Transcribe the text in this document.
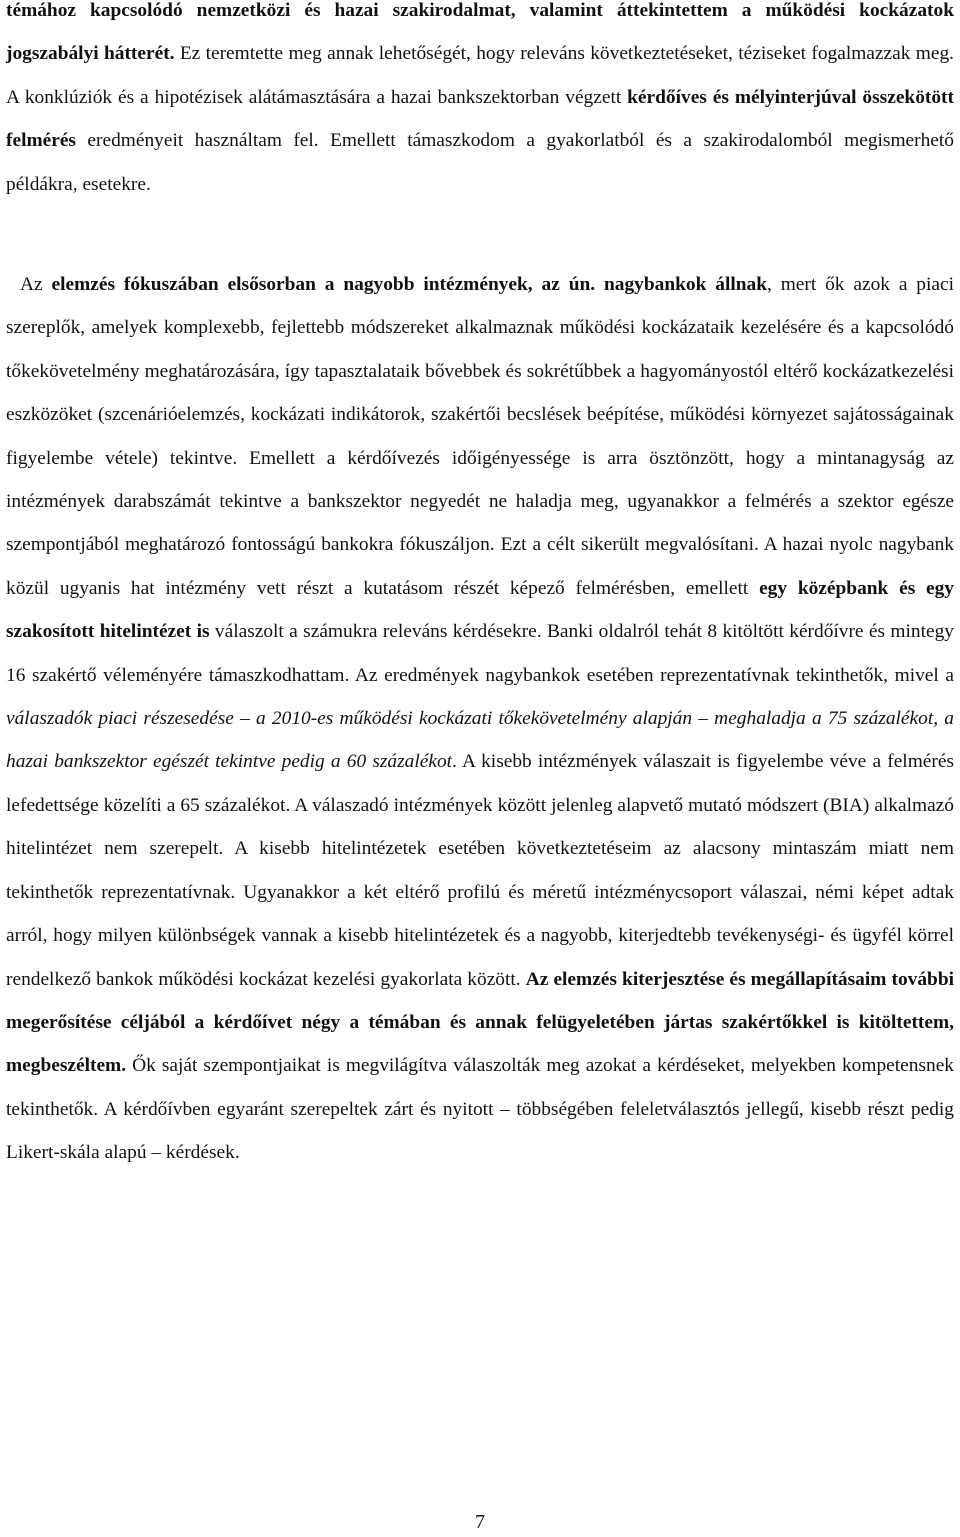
témához kapcsolódó nemzetközi és hazai szakirodalmat, valamint áttekintettem a működési kockázatok jogszabályi hátterét. Ez teremtette meg annak lehetőségét, hogy releváns következtetéseket, téziseket fogalmazzak meg. A konklúziók és a hipotézisek alátámasztására a hazai bankszektorban végzett kérdőíves és mélyinterjúval összekötött felmérés eredményeit használtam fel. Emellett támaszkodom a gyakorlatból és a szakirodalomból megismerhető példákra, esetekre.

Az elemzés fókuszában elsősorban a nagyobb intézmények, az ún. nagybankok állnak, mert ők azok a piaci szereplők, amelyek komplexebb, fejlettebb módszereket alkalmaznak működési kockázataik kezelésére és a kapcsolódó tőkekövetelmény meghatározására, így tapasztalataik bővebbek és sokrétűbbek a hagyományostól eltérő kockázatkezelési eszközöket (szcenárióelemzés, kockázati indikátorok, szakértői becslések beépítése, működési környezet sajátosságainak figyelembe vétele) tekintve. Emellett a kérdőívezés időigényessége is arra ösztönzött, hogy a mintanagyság az intézmények darabszámát tekintve a bankszektor negyedét ne haladja meg, ugyanakkor a felmérés a szektor egésze szempontjából meghatározó fontosságú bankokra fókuszáljon. Ezt a célt sikerült megvalósítani. A hazai nyolc nagybank közül ugyanis hat intézmény vett részt a kutatásom részét képező felmérésben, emellett egy középbank és egy szakosított hitelintézet is válaszolt a számukra releváns kérdésekre. Banki oldalról tehát 8 kitöltött kérdőívre és mintegy 16 szakértő véleményére támaszkodhattam. Az eredmények nagybankok esetében reprezentatívnak tekinthetők, mivel a válaszadók piaci részesedése – a 2010-es működési kockázati tőkekövetelmény alapján – meghaladja a 75 százalékot, a hazai bankszektor egészét tekintve pedig a 60 százalékot. A kisebb intézmények válaszait is figyelembe véve a felmérés lefedettsége közelíti a 65 százalékot. A válaszadó intézmények között jelenleg alapvető mutató módszert (BIA) alkalmazó hitelintézet nem szerepelt. A kisebb hitelintézetek esetében következtetéseim az alacsony mintaszám miatt nem tekinthetők reprezentatívnak. Ugyanakkor a két eltérő profilú és méretű intézménycsoport válaszai, némi képet adtak arról, hogy milyen különbségek vannak a kisebb hitelintézetek és a nagyobb, kiterjedtebb tevékenységi- és ügyfél körrel rendelkező bankok működési kockázat kezelési gyakorlata között. Az elemzés kiterjesztése és megállapításaim további megerősítése céljából a kérdőívet négy a témában és annak felügyeletében jártas szakértőkkel is kitöltettem, megbeszéltem. Ők saját szempontjaikat is megvilágítva válaszolták meg azokat a kérdéseket, melyekben kompetensnek tekinthetők. A kérdőívben egyaránt szerepeltek zárt és nyitott – többségében feleletválasztós jellegű, kisebb részt pedig Likert-skála alapú – kérdések.

7
